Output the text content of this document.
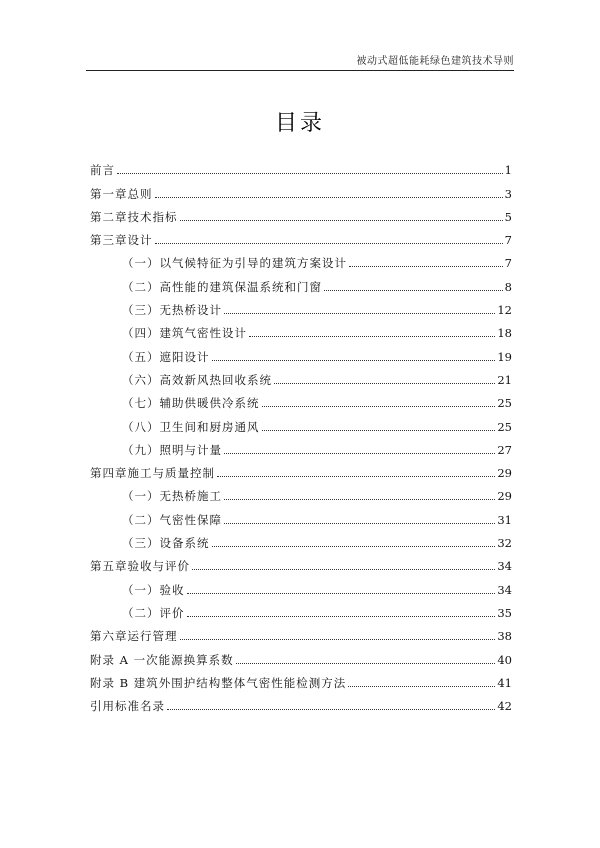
被动式超低能耗绿色建筑技术导则
目录
前言	1
第一章总则	3
第二章技术指标	5
第三章设计	7
（一）以气候特征为引导的建筑方案设计	7
（二）高性能的建筑保温系统和门窗	8
（三）无热桥设计	12
（四）建筑气密性设计	18
（五）遮阳设计	19
（六）高效新风热回收系统	21
（七）辅助供暖供冷系统	25
（八）卫生间和厨房通风	25
（九）照明与计量	27
第四章施工与质量控制	29
（一）无热桥施工	29
（二）气密性保障	31
（三）设备系统	32
第五章验收与评价	34
（一）验收	34
（二）评价	35
第六章运行管理	38
附录 A 一次能源换算系数	40
附录 B 建筑外围护结构整体气密性能检测方法	41
引用标准名录	42
